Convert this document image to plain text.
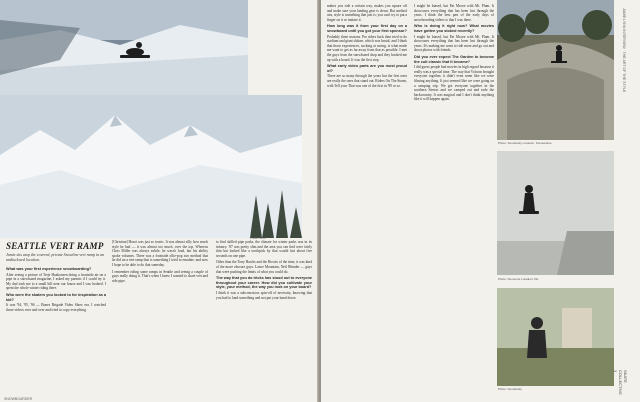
Photo: xxxx
SEATTLE VERT RAMP
Jamie sits atop the covered, private Snowline vert ramp in an undisclosed location.
What was your first experience snowboarding?

After seeing a picture of Terje Haakonsen doing a frontside air on a pipe in a snowboard magazine, I asked my parents if I could try it. My dad took me to a small hill near our house and I was hooked. I spent the whole winter riding there.

Who were the skaters you looked to for inspiration as a kid?

It was '94, '95, '96 — Bones Brigade Video Show era. I watched those videos over and over and tried to copy everything.

[Christian] Hosoi was just so iconic. It was almost silly how much style he had — it was almost too much, over the top. Whereas Chris Miller was always subtle, he wasn't loud, but his ability spoke volumes. There was a frontside ollie-pop two method that he did on a vert ramp that is something I tried to emulate, and now I hope to be able to do that someday.

I remember riding some ramps in Seattle and seeing a couple of guys really doing it. That's when I knew I wanted to skate vert and ride pipe.

to find skilled pipe parks, the climate for winter parks was in its infancy. '87 was pretty slim and the area you can find were fairly thin but looked like a toothpick by that would last about five seconds on one pipe.

Other than the Tony Hawks and the Hosois of the time, it was kind of the more obscure guys. Lance Mountain, Neil Blender — guys that were pushing the limits of what you could do.

The way that you do tricks has stood out to everyone throughout your career. How did you cultivate your style, your method, the way you look on your board?

I think it was a subconscious spin-off of necessity, knowing that you had to land something and not put your hand down.

SNOWBOARDER

makes you ride a certain way, makes you square off and make sure your landing gear is down. But method airs, style is something that just is; you can't try to put a finger on it or imitate it.

How long was it from your first day on a snowboard until you got your first sponsor?

Probably three seasons. Pro riders back then tried to do stadium and giant slalom, which was brutal, and I think that those experiences, sucking at racing, is what made me want to get as far away from that as possible. I met the guys from the snowboard shop and they hooked me up with a board. It was the first step.

What early video parts are you most proud of?

There are so many through the years but the first ones are really the ones that stand out. Riders On The Storm, with Tell your That was one of the first in '89 or so.

I might be biased, but Pat Moore with Mt. Plum. It showcases everything that has been lost through the years. I think the best part of the early days of snowboarding videos is that I was there.

Who is doing it right now? What movies have gotten you stoked recently?

I might be biased, but Pat Moore with Mt. Plum. It showcases everything that has been lost through the years. It's making me want to ride more and go out and shoot photos with friends.

Did you ever expect The Garden to become the cult classic that it became?

I did guess people had movies in high regard because it really was a special time. The way that Volcom brought everyone together, it didn't even seem like we were filming anything. It just seemed like we were going on a camping trip. We got everyone together in the southern Sierras and we camped out and rode the backcountry. It was magical and I don't think anything like it will happen again.

Photo: Somebody Location: Somewhere
Photo: Someone Location: KE
Photo: Somebody
JAMIE LYNN INTERVIEW · THE ART OF THE STYLE
SKATE COLLECTIVE 3
